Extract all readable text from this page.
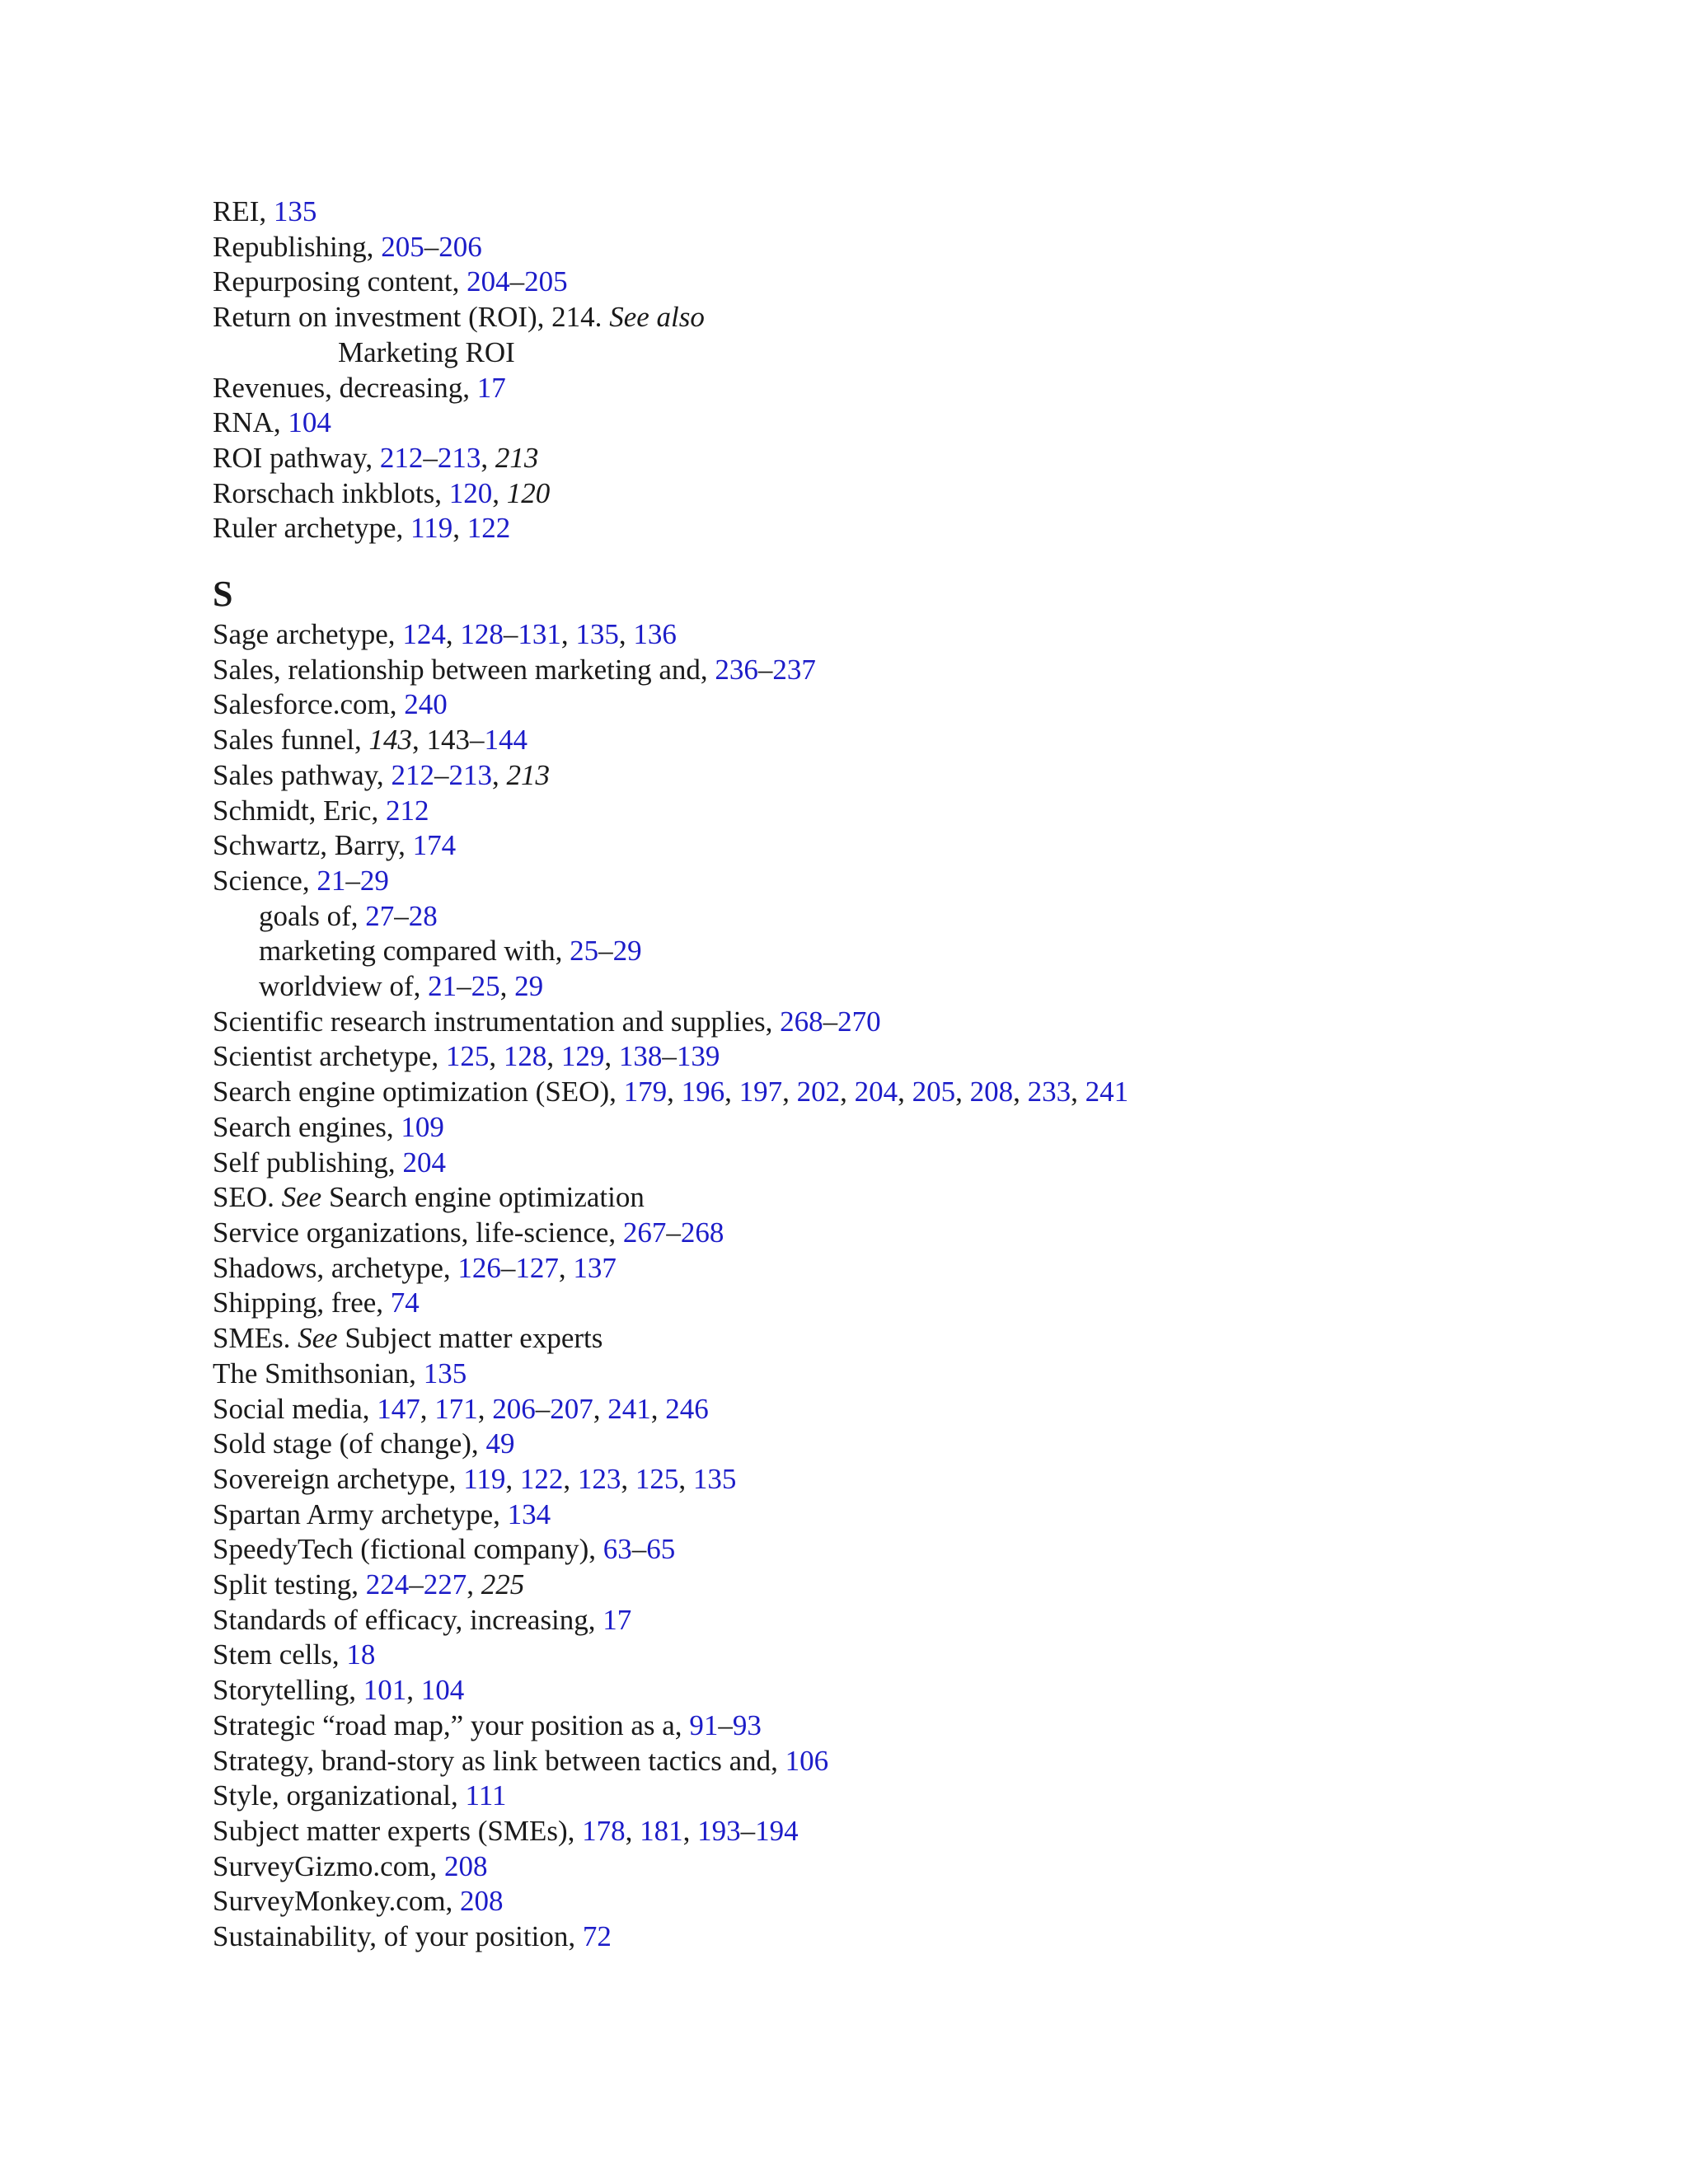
REI, 135
Republishing, 205–206
Repurposing content, 204–205
Return on investment (ROI), 214. See also
Marketing ROI
Revenues, decreasing, 17
RNA, 104
ROI pathway, 212–213, 213
Rorschach inkblots, 120, 120
Ruler archetype, 119, 122
S
Sage archetype, 124, 128–131, 135, 136
Sales, relationship between marketing and, 236–237
Salesforce.com, 240
Sales funnel, 143, 143–144
Sales pathway, 212–213, 213
Schmidt, Eric, 212
Schwartz, Barry, 174
Science, 21–29
goals of, 27–28
marketing compared with, 25–29
worldview of, 21–25, 29
Scientific research instrumentation and supplies, 268–270
Scientist archetype, 125, 128, 129, 138–139
Search engine optimization (SEO), 179, 196, 197, 202, 204, 205, 208, 233, 241
Search engines, 109
Self publishing, 204
SEO. See Search engine optimization
Service organizations, life-science, 267–268
Shadows, archetype, 126–127, 137
Shipping, free, 74
SMEs. See Subject matter experts
The Smithsonian, 135
Social media, 147, 171, 206–207, 241, 246
Sold stage (of change), 49
Sovereign archetype, 119, 122, 123, 125, 135
Spartan Army archetype, 134
SpeedyTech (fictional company), 63–65
Split testing, 224–227, 225
Standards of efficacy, increasing, 17
Stem cells, 18
Storytelling, 101, 104
Strategic “road map,” your position as a, 91–93
Strategy, brand-story as link between tactics and, 106
Style, organizational, 111
Subject matter experts (SMEs), 178, 181, 193–194
SurveyGizmo.com, 208
SurveyMonkey.com, 208
Sustainability, of your position, 72
